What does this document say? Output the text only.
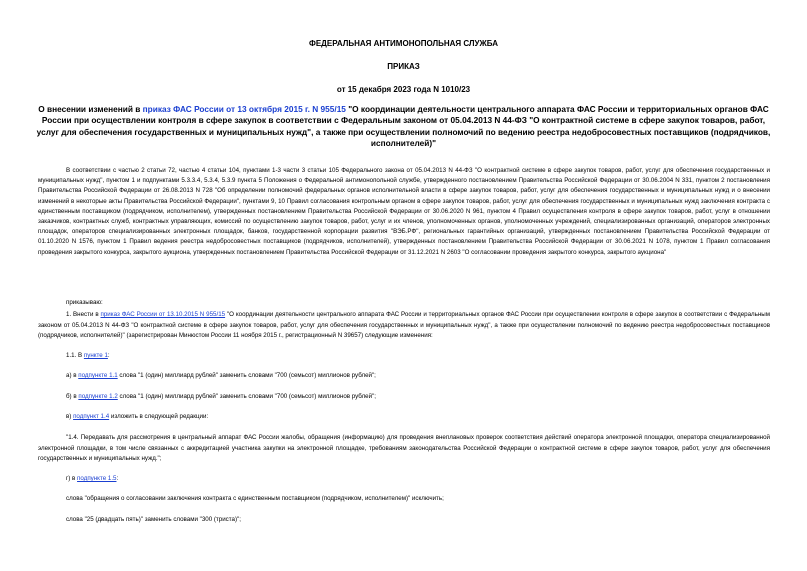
ФЕДЕРАЛЬНАЯ АНТИМОНОПОЛЬНАЯ СЛУЖБА
ПРИКАЗ
от 15 декабря 2023 года N 1010/23
О внесении изменений в приказ ФАС России от 13 октября 2015 г. N 955/15 "О координации деятельности центрального аппарата ФАС России и территориальных органов ФАС России при осуществлении контроля в сфере закупок в соответствии с Федеральным законом от 05.04.2013 N 44-ФЗ "О контрактной системе в сфере закупок товаров, работ, услуг для обеспечения государственных и муниципальных нужд", а также при осуществлении полномочий по ведению реестра недобросовестных поставщиков (подрядчиков, исполнителей)"
В соответствии с частью 2 статьи 72, частью 4 статьи 104, пунктами 1-3 части 3 статьи 105 Федерального закона от 05.04.2013 N 44-ФЗ "О контрактной системе в сфере закупок товаров, работ, услуг для обеспечения государственных и муниципальных нужд", пунктом 1 и подпунктами 5.3.3.4, 5.3.4, 5.3.9 пункта 5 Положения о Федеральной антимонопольной службе, утвержденного постановлением Правительства Российской Федерации от 30.06.2004 N 331, пунктом 2 постановления Правительства Российской Федерации от 26.08.2013 N 728 "Об определении полномочий федеральных органов исполнительной власти в сфере закупок товаров, работ, услуг для обеспечения государственных и муниципальных нужд и о внесении изменений в некоторые акты Правительства Российской Федерации", пунктами 9, 10 Правил согласования контрольным органом в сфере закупок товаров, работ, услуг для обеспечения государственных и муниципальных нужд заключения контракта с единственным поставщиком (подрядчиком, исполнителем), утвержденных постановлением Правительства Российской Федерации от 30.06.2020 N 961, пунктом 4 Правил осуществления контроля в сфере закупок товаров, работ, услуг в отношении заказчиков, контрактных служб, контрактных управляющих, комиссий по осуществлению закупок товаров, работ, услуг и их членов, уполномоченных органов, уполномоченных учреждений, специализированных организаций, операторов электронных площадок, операторов специализированных электронных площадок, банков, государственной корпорации развития "ВЭБ.РФ", региональных гарантийных организаций, утвержденных постановлением Правительства Российской Федерации от 01.10.2020 N 1576, пунктом 1 Правил ведения реестра недобросовестных поставщиков (подрядчиков, исполнителей), утвержденных постановлением Правительства Российской Федерации от 30.06.2021 N 1078, пунктом 1 Правил согласования проведения закрытого конкурса, закрытого аукциона, утвержденных постановлением Правительства Российской Федерации от 31.12.2021 N 2603 "О согласовании проведения закрытого конкурса, закрытого аукциона"
приказываю:
1. Внести в приказ ФАС России от 13.10.2015 N 955/15 "О координации деятельности центрального аппарата ФАС России и территориальных органов ФАС России при осуществлении контроля в сфере закупок в соответствии с Федеральным законом от 05.04.2013 N 44-ФЗ "О контрактной системе в сфере закупок товаров, работ, услуг для обеспечения государственных и муниципальных нужд", а также при осуществлении полномочий по ведению реестра недобросовестных поставщиков (подрядчиков, исполнителей)" (зарегистрирован Минюстом России 11 ноября 2015 г., регистрационный N 39657) следующие изменения:
1.1. В пункте 1:
а) в подпункте 1.1 слова "1 (один) миллиард рублей" заменить словами "700 (семьсот) миллионов рублей";
б) в подпункте 1.2 слова "1 (один) миллиард рублей" заменить словами "700 (семьсот) миллионов рублей";
в) подпункт 1.4 изложить в следующей редакции:
"1.4. Передавать для рассмотрения в центральный аппарат ФАС России жалобы, обращения (информацию) для проведения внеплановых проверок соответствия действий оператора электронной площадки, оператора специализированной электронной площадки, в том числе связанных с аккредитацией участника закупки на электронной площадке, требованиям законодательства Российской Федерации о контрактной системе в сфере закупок товаров, работ, услуг для обеспечения государственных и муниципальных нужд.";
г) в подпункте 1.5:
слова "обращения о согласовании заключения контракта с единственным поставщиком (подрядчиком, исполнителем)" исключить;
слова "25 (двадцать пять)" заменить словами "300 (триста)";
